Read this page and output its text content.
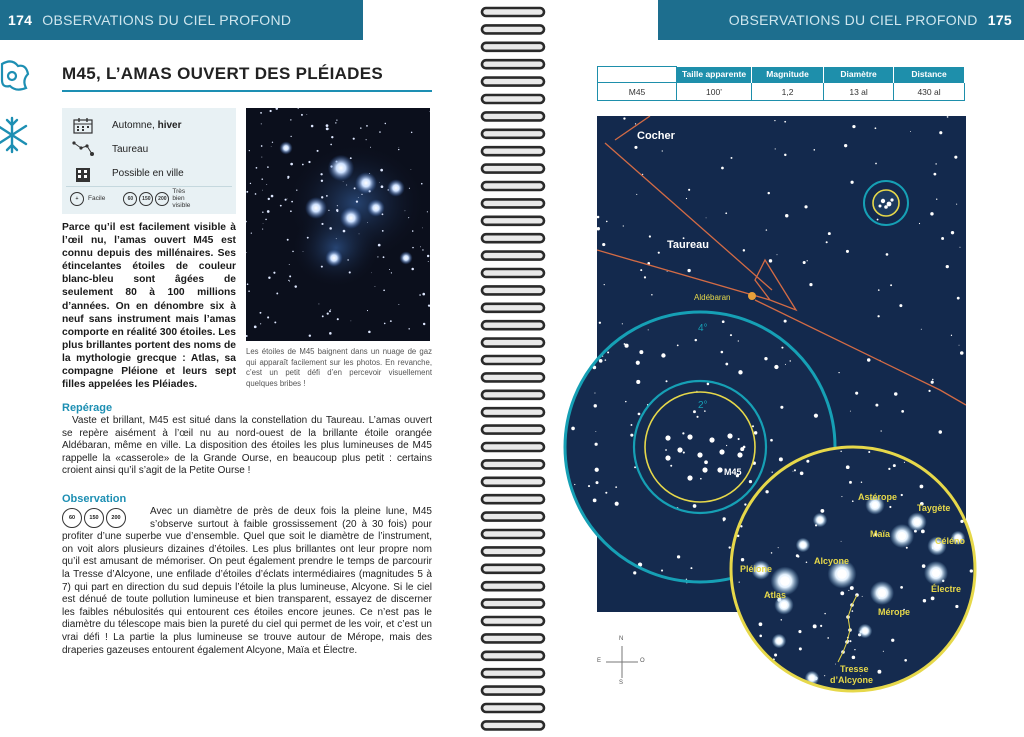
174 OBSERVATIONS DU CIEL PROFOND	OBSERVATIONS DU CIEL PROFOND 175
M45, L’AMAS OUVERT DES PLÉIADES
Automne, hiver
Taureau
Possible en ville
+	Facile	60	150	200
Très bien visible
Les étoiles de M45 baignent dans un nuage de gaz qui apparaît facilement sur les photos. En revanche, c’est un petit défi d’en percevoir visuellement quelques bribes !
Parce qu’il est facilement visible à l’œil nu, l’amas ouvert M45 est connu depuis des millénaires. Ses étincelantes étoiles de couleur blanc-bleu sont âgées de seulement 80 à 100 millions d’années. On en dénombre six à neuf sans instrument mais l’amas comporte en réalité 300 étoiles. Les plus brillantes portent des noms de la mythologie grecque : Atlas, sa compagne Pléione et leurs sept filles appelées les Pléiades.
Repérage
Vaste et brillant, M45 est situé dans la constellation du Taureau. L’amas ouvert se repère aisément à l’œil nu au nord-ouest de la brillante étoile orangée Aldébaran, même en ville. La disposition des étoiles les plus lumineuses de M45 rappelle la «casserole» de la Grande Ourse, en beaucoup plus petit : certains croient ainsi qu’il s’agit de la Petite Ourse !
Observation
60	150	200
Avec un diamètre de près de deux fois la pleine lune, M45 s’observe surtout à faible grossissement (20 à 30 fois) pour profiter d’une superbe vue d’ensemble. Quel que soit le diamètre de l’instrument, on voit alors plusieurs dizaines d’étoiles. Les plus brillantes ont leur propre nom qu’il est amusant de mémoriser. On peut également prendre le temps de parcourir la Tresse d’Alcyone, une enfilade d’étoiles d’éclats intermédiaires (magnitudes 5 à 7) qui part en direction du sud depuis l’étoile la plus lumineuse, Alcyone. Si le ciel est dénué de toute pollution lumineuse et bien transparent, essayez de discerner les faibles nébulosités qui entourent ces étoiles encore jeunes. Ce n’est pas le diamètre du télescope mais bien la pureté du ciel qui permet de les voir, et c’est un vrai défi ! La partie la plus lumineuse se trouve autour de Mérope, mais des draperies gazeuses entourent également Alcyone, Maïa et Électre.
	Taille apparente	Magnitude	Diamètre	Distance
M45	100’	1,2	13 al	430 al
Cocher
Taureau
Aldébaran
4°
2°
M45
Astérope
Taygète
Maïa
Céléno
Alcyone
Pléione
Atlas
Électre
Mérope
Tresse
d’Alcyone
N
S
E	O
